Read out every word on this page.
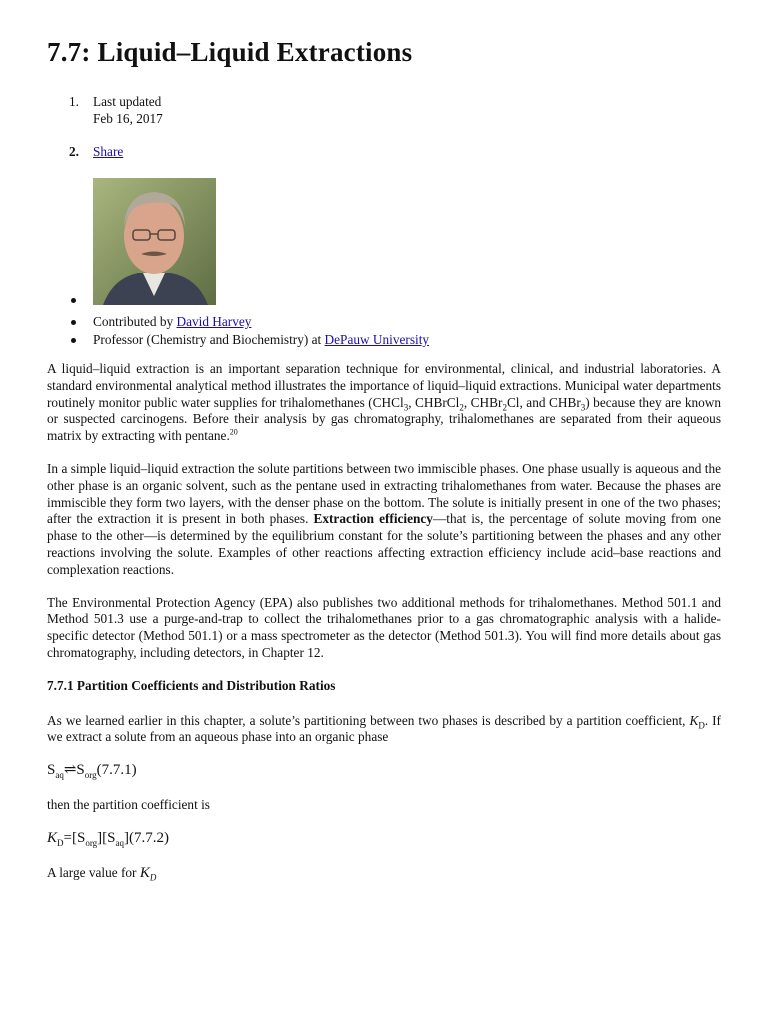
7.7: Liquid–Liquid Extractions
1.	Last updated
Feb 16, 2017
2.	Share
Contributed by David Harvey
Professor (Chemistry and Biochemistry) at DePauw University

A liquid–liquid extraction is an important separation technique for environmental, clinical, and industrial laboratories. A standard environmental analytical method illustrates the importance of liquid–liquid extractions. Municipal water departments routinely monitor public water supplies for trihalomethanes (CHCl$_3$, CHBrCl$_2$, CHBr$_2$Cl, and CHBr$_3$) because they are known or suspected carcinogens. Before their analysis by gas chromatography, trihalomethanes are separated from their aqueous matrix by extracting with pentane.$^{20}$

In a simple liquid–liquid extraction the solute partitions between two immiscible phases. One phase usually is aqueous and the other phase is an organic solvent, such as the pentane used in extracting trihalomethanes from water. Because the phases are immiscible they form two layers, with the denser phase on the bottom. The solute is initially present in one of the two phases; after the extraction it is present in both phases. Extraction efficiency—that is, the percentage of solute moving from one phase to the other—is determined by the equilibrium constant for the solute’s partitioning between the phases and any other reactions involving the solute. Examples of other reactions affecting extraction efficiency include acid–base reactions and complexation reactions.

The Environmental Protection Agency (EPA) also publishes two additional methods for trihalomethanes. Method 501.1 and Method 501.3 use a purge-and-trap to collect the trihalomethanes prior to a gas chromatographic analysis with a halide-specific detector (Method 501.1) or a mass spectrometer as the detector (Method 501.3). You will find more details about gas chromatography, including detectors, in Chapter 12.

7.7.1 Partition Coefficients and Distribution Ratios

As we learned earlier in this chapter, a solute’s partitioning between two phases is described by a partition coefficient, $K_D$. If we extract a solute from an aqueous phase into an organic phase

$S_{aq}\rightleftharpoons S_{org}(7.7.1)$

then the partition coefficient is

$K_D=[S_{org}][S_{aq}](7.7.2)$

A large value for $K_D$
